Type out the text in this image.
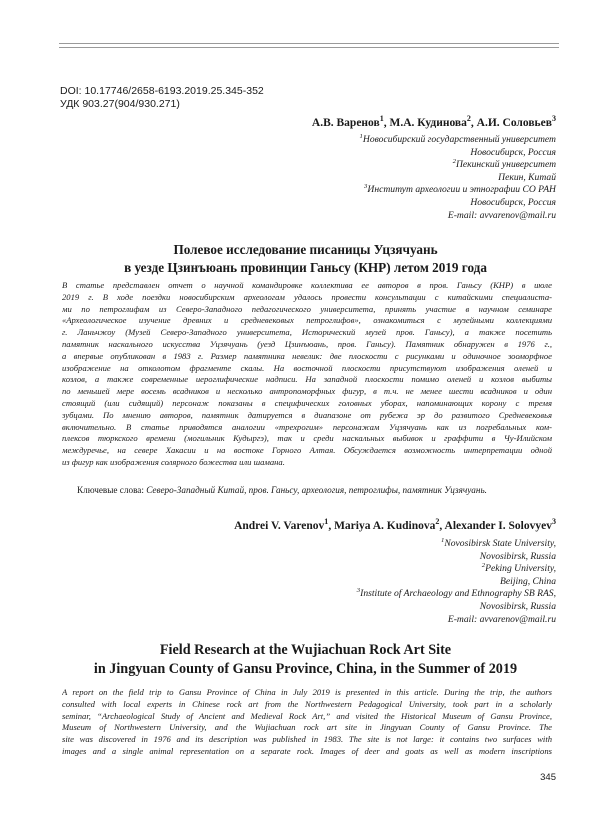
DOI: 10.17746/2658-6193.2019.25.345-352
УДК 903.27(904/930.271)
А.В. Варенов$^1$, М.А. Кудинова$^2$, А.И. Соловьев$^3$
$^1$Новосибирский государственный университет
Новосибирск, Россия
$^2$Пекинский университет
Пекин, Китай
$^3$Институт археологии и этнографии СО РАН
Новосибирск, Россия
E-mail: avvarenov@mail.ru
Полевое исследование писаницы Уцзячуань
в уезде Цзинъюань провинции Ганьсу (КНР) летом 2019 года
В статье представлен отчет о научной командировке коллектива ее авторов в пров. Ганьсу (КНР) в июле
2019 г. В ходе поездки новосибирским археологам удалось провести консультации с китайскими специалиста-
ми по петроглифам из Северо-Западного педагогического университета, принять участие в научном семинаре
«Археологическое изучение древних и средневековых петроглифов», ознакомиться с музейными коллекциями
г. Ланьчжоу (Музей Северо-Западного университета, Исторический музей пров. Ганьсу), а также посетить
памятник наскального искусства Уцзячуань (уезд Цзинъюань, пров. Ганьсу). Памятник обнаружен в 1976 г.,
а впервые опубликован в 1983 г. Размер памятника невелик: две плоскости с рисунками и одиночное зооморфное
изображение на отколотом фрагменте скалы. На восточной плоскости присутствуют изображения оленей и
козлов, а также современные иероглифические надписи. На западной плоскости помимо оленей и козлов выбиты
по меньшей мере восемь всадников и несколько антропоморфных фигур, в т.ч. не менее шести всадников и один
стоящий (или сидящий) персонаж показаны в специфических головных уборах, напоминающих корону с тремя
зубцами. По мнению авторов, памятник датируется в диапазоне от рубежа эр до развитого Средневековья
включительно. В статье приводятся аналогии «трехрогим» персонажам Уцзячуань как из погребальных ком-
плексов тюркского времени (могильник Кудыргэ), так и среди наскальных выбивок и граффити в Чу-Илийском
междуречье, на севере Хакасии и на востоке Горного Алтая. Обсуждается возможность интерпретации одной
из фигур как изображения солярного божества или шамана.
Ключевые слова: Северо-Западный Китай, пров. Ганьсу, археология, петроглифы, памятник Уцзячуань.
Andrei V. Varenov$^1$, Mariya A. Kudinova$^2$, Alexander I. Solovyev$^3$
$^1$Novosibirsk State University,
Novosibirsk, Russia
$^2$Peking University,
Beijing, China
$^3$Institute of Archaeology and Ethnography SB RAS,
Novosibirsk, Russia
E-mail: avvarenov@mail.ru
Field Research at the Wujiachuan Rock Art Site
in Jingyuan County of Gansu Province, China, in the Summer of 2019
A report on the field trip to Gansu Province of China in July 2019 is presented in this article. During the trip, the authors
consulted with local experts in Chinese rock art from the Northwestern Pedagogical University, took part in a scholarly
seminar, “Archaeological Study of Ancient and Medieval Rock Art,” and visited the Historical Museum of Gansu Province,
Museum of Northwestern University, and the Wujiachuan rock art site in Jingyuan County of Gansu Province. The
site was discovered in 1976 and its description was published in 1983. The site is not large: it contains two surfaces with
images and a single animal representation on a separate rock. Images of deer and goats as well as modern inscriptions
345
